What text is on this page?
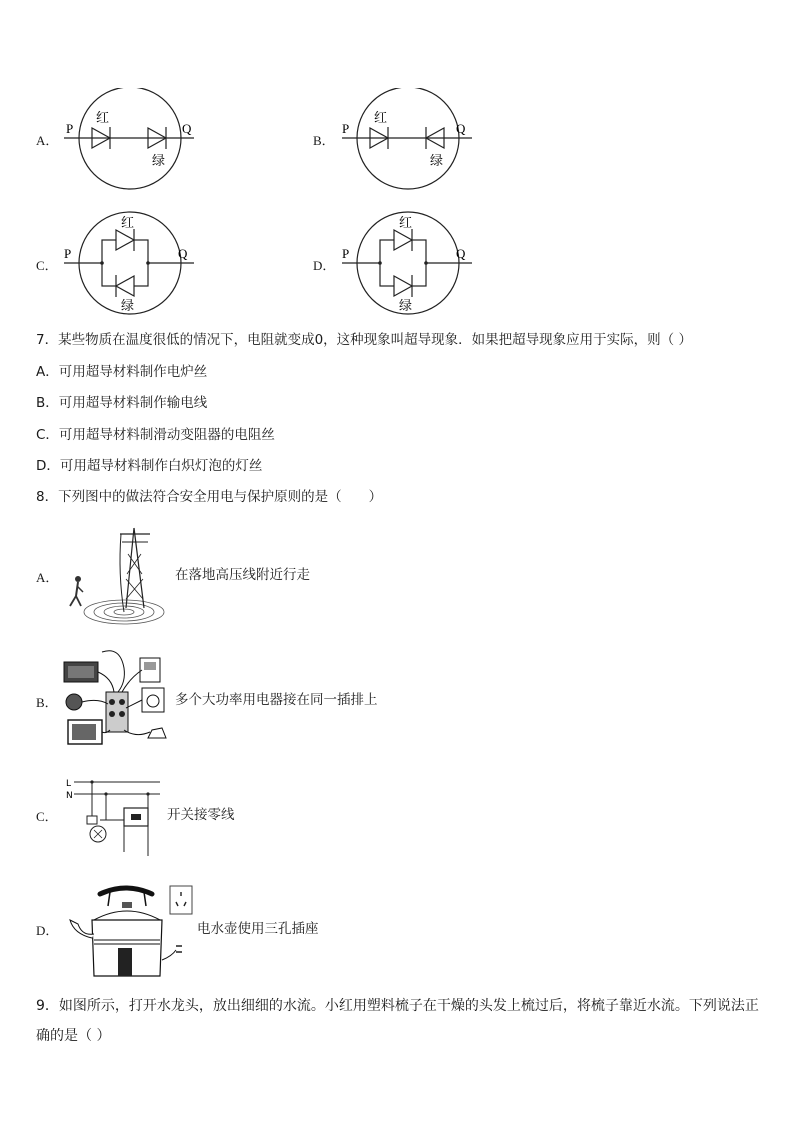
A．
P	Q
红
绿
B．
P	Q
红
绿
C．
P	Q
红
绿
D．
P	Q
红
绿
7．某些物质在温度很低的情况下，电阻就变成0，这种现象叫超导现象．如果把超导现象应用于实际，则（ ）
A．可用超导材料制作电炉丝
B．可用超导材料制作输电线
C．可用超导材料制滑动变阻器的电阻丝
D．可用超导材料制作白炽灯泡的灯丝
8．下列图中的做法符合安全用电与保护原则的是（　　）
A．	在落地高压线附近行走
B．	多个大功率用电器接在同一插排上
C．
L
N
开关接零线
D．	电水壶使用三孔插座
9．如图所示，打开水龙头，放出细细的水流。小红用塑料梳子在干燥的头发上梳过后，将梳子靠近水流。下列说法正
确的是（ ）
